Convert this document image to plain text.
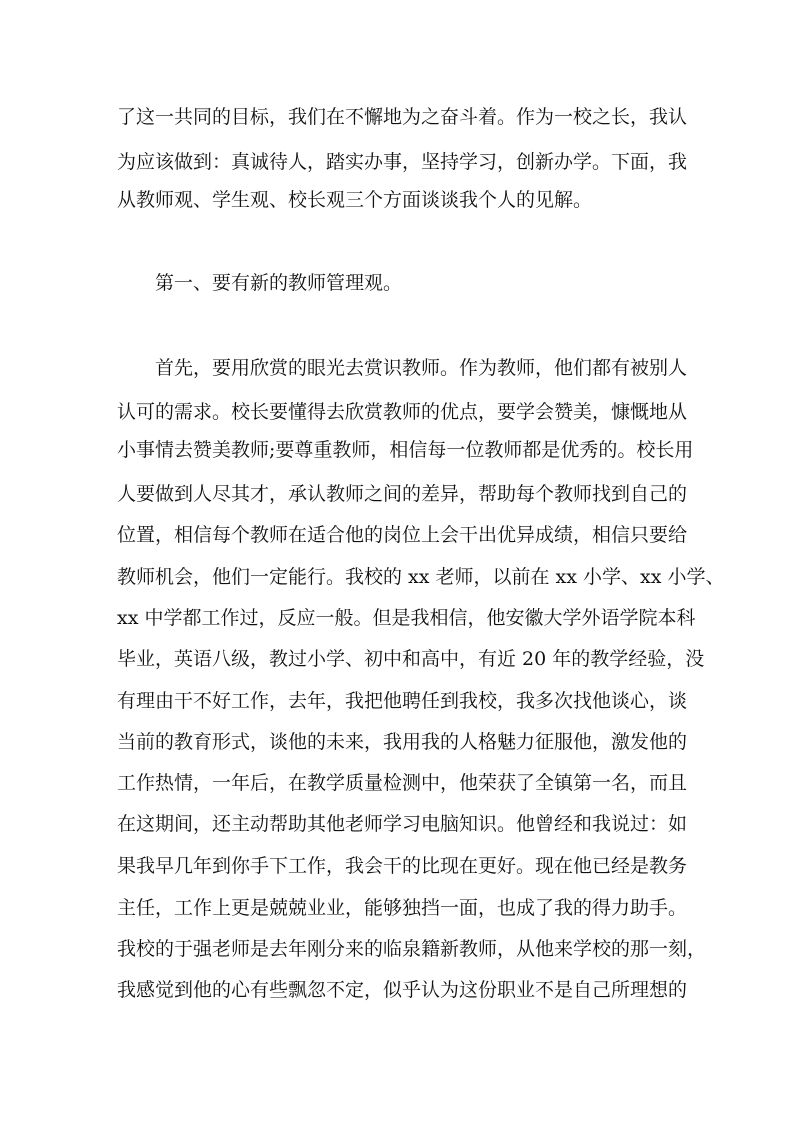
了这一共同的目标，我们在不懈地为之奋斗着。作为一校之长，我认
为应该做到：真诚待人，踏实办事，坚持学习，创新办学。下面，我
从教师观、学生观、校长观三个方面谈谈我个人的见解。
第一、要有新的教师管理观。
首先，要用欣赏的眼光去赏识教师。作为教师，他们都有被别人
认可的需求。校长要懂得去欣赏教师的优点，要学会赞美，慷慨地从
小事情去赞美教师;要尊重教师，相信每一位教师都是优秀的。校长用
人要做到人尽其才，承认教师之间的差异，帮助每个教师找到自己的
位置，相信每个教师在适合他的岗位上会干出优异成绩，相信只要给
教师机会，他们一定能行。我校的 xx 老师，以前在 xx 小学、xx 小学、
xx 中学都工作过，反应一般。但是我相信，他安徽大学外语学院本科
毕业，英语八级，教过小学、初中和高中，有近 20 年的教学经验，没
有理由干不好工作，去年，我把他聘任到我校，我多次找他谈心，谈
当前的教育形式，谈他的未来，我用我的人格魅力征服他，激发他的
工作热情，一年后，在教学质量检测中，他荣获了全镇第一名，而且
在这期间，还主动帮助其他老师学习电脑知识。他曾经和我说过：如
果我早几年到你手下工作，我会干的比现在更好。现在他已经是教务
主任，工作上更是兢兢业业，能够独挡一面，也成了我的得力助手。
我校的于强老师是去年刚分来的临泉籍新教师，从他来学校的那一刻，
我感觉到他的心有些飘忽不定，似乎认为这份职业不是自己所理想的
